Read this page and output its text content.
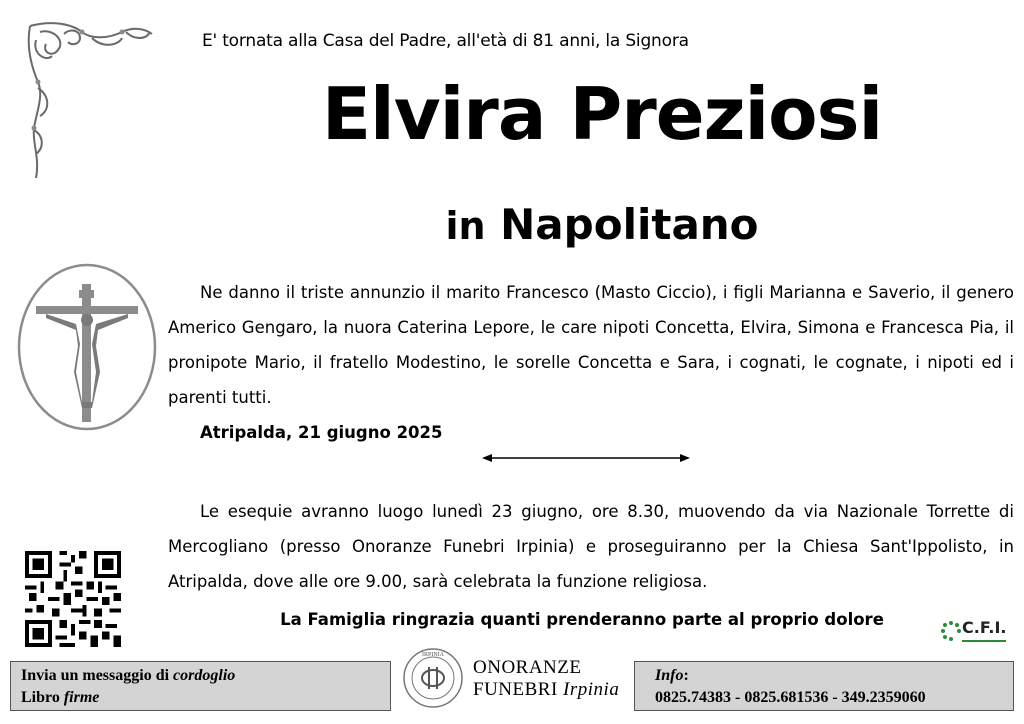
E' tornata alla Casa del Padre, all'età di 81 anni, la Signora
Elvira Preziosi
in Napolitano

Ne danno il triste annunzio il marito Francesco (Masto Ciccio), i figli Marianna e Saverio, il genero Americo Gengaro, la nuora Caterina Lepore, le care nipoti Concetta, Elvira, Simona e Francesca Pia, il pronipote Mario, il fratello Modestino, le sorelle Concetta e Sara, i cognati, le cognate, i nipoti ed i parenti tutti.

Atripalda, 21 giugno 2025

Le esequie avranno luogo lunedì 23 giugno, ore 8.30, muovendo da via Nazionale Torrette di Mercogliano (presso Onoranze Funebri Irpinia) e proseguiranno per la Chiesa Sant'Ippolisto, in Atripalda, dove alle ore 9.00, sarà celebrata la funzione religiosa.

La Famiglia ringrazia quanti prenderanno parte al proprio dolore	C.F.I.
Invia un messaggio di cordoglio
Libro firme
IRPINIA
ONORANZE
FUNEBRI Irpinia
Info:
0825.74383 - 0825.681536 - 349.2359060
